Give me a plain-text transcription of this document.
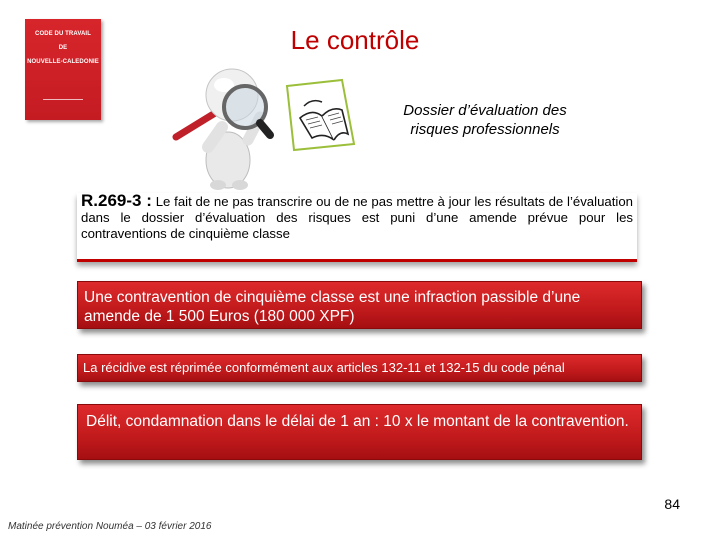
CODE DU TRAVAIL
DE
NOUVELLE-CALEDONIE
Le contrôle
Dossier d’évaluation des
risques professionnels
R.269-3 : Le fait de ne pas transcrire ou de ne pas mettre à jour les résultats de l’évaluation dans le dossier d’évaluation des risques est puni d’une amende prévue pour les contraventions de cinquième classe
Une contravention de cinquième classe est une infraction passible d’une amende de 1 500 Euros (180 000 XPF)
La récidive est réprimée conformément aux articles 132-11 et 132-15 du code pénal
Délit, condamnation dans le délai de 1 an : 10 x le montant de la contravention.
84
Matinée prévention Nouméa – 03 février 2016
